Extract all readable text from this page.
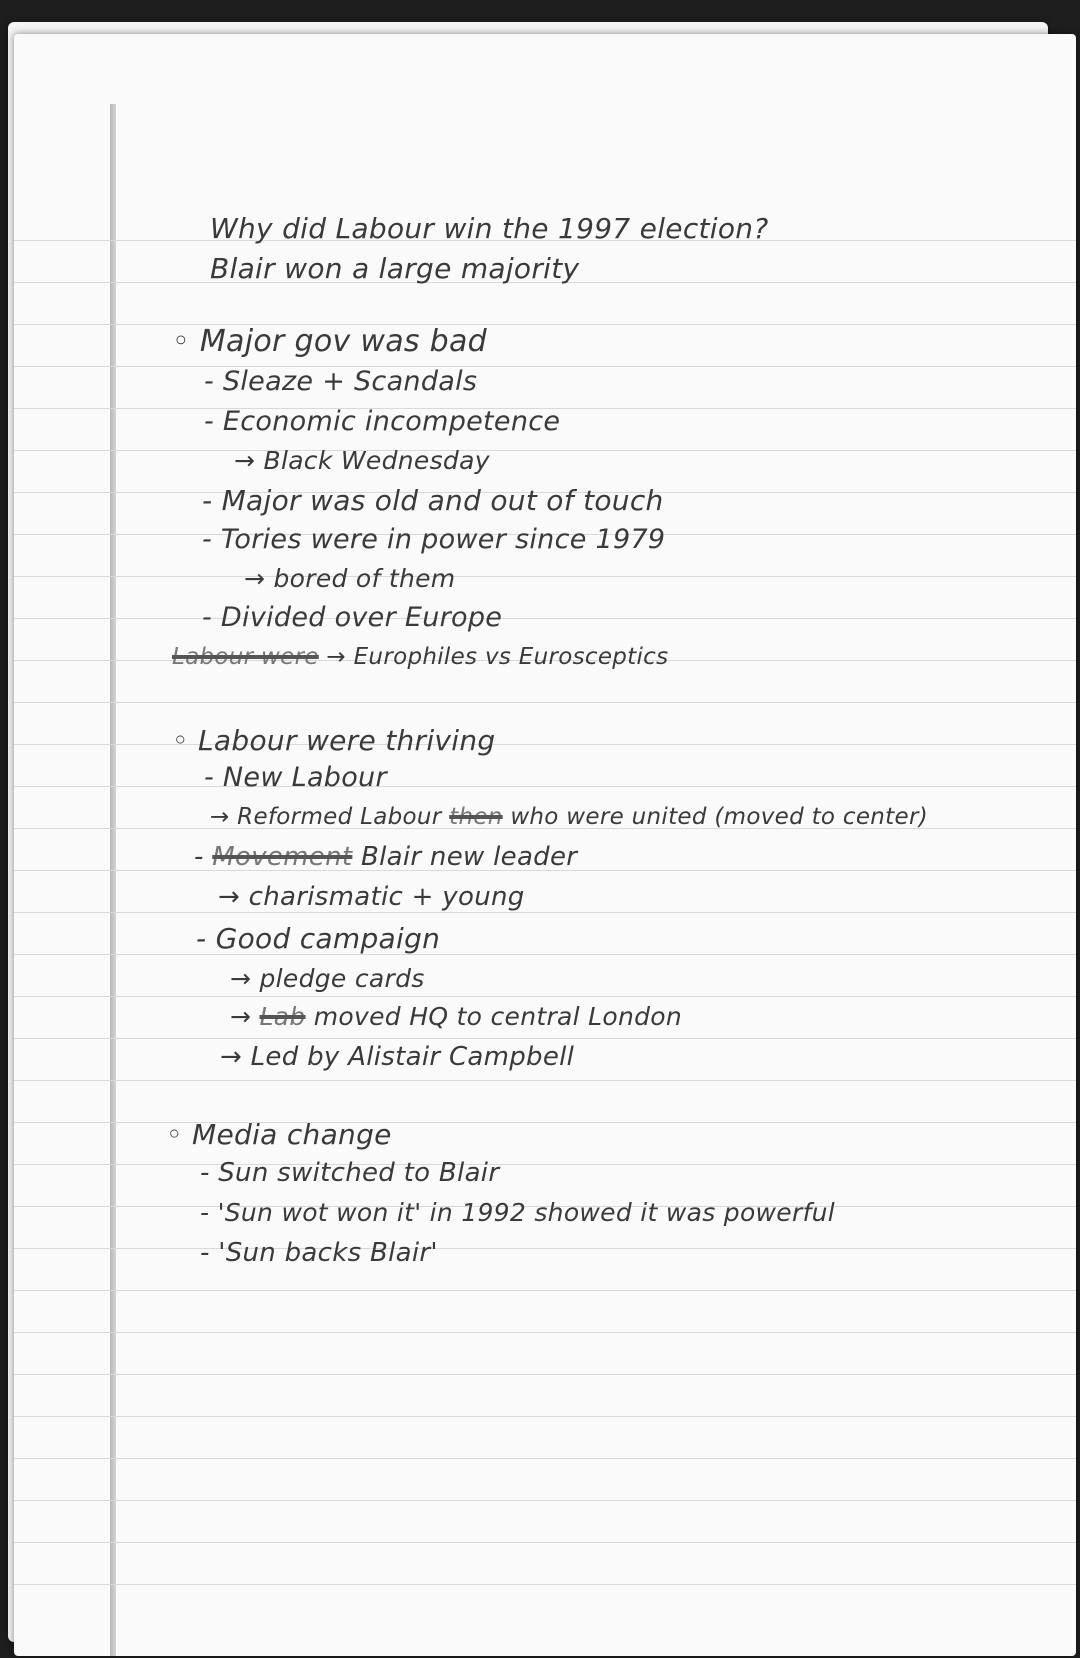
Why did Labour win the 1997 election?
Blair won a large majority
◦ Major gov was bad
- Sleaze + Scandals
- Economic incompetence
→ Black Wednesday
- Major was old and out of touch
- Tories were in power since 1979
→ bored of them
- Divided over Europe
Labour were → Europhiles vs Eurosceptics
◦ Labour were thriving
- New Labour
→ Reformed Labour then who were united (moved to center)
- Movement Blair new leader
→ charismatic + young
- Good campaign
→ pledge cards
→ Lab moved HQ to central London
→ Led by Alistair Campbell
◦ Media change
- Sun switched to Blair
- 'Sun wot won it' in 1992 showed it was powerful
- 'Sun backs Blair'
